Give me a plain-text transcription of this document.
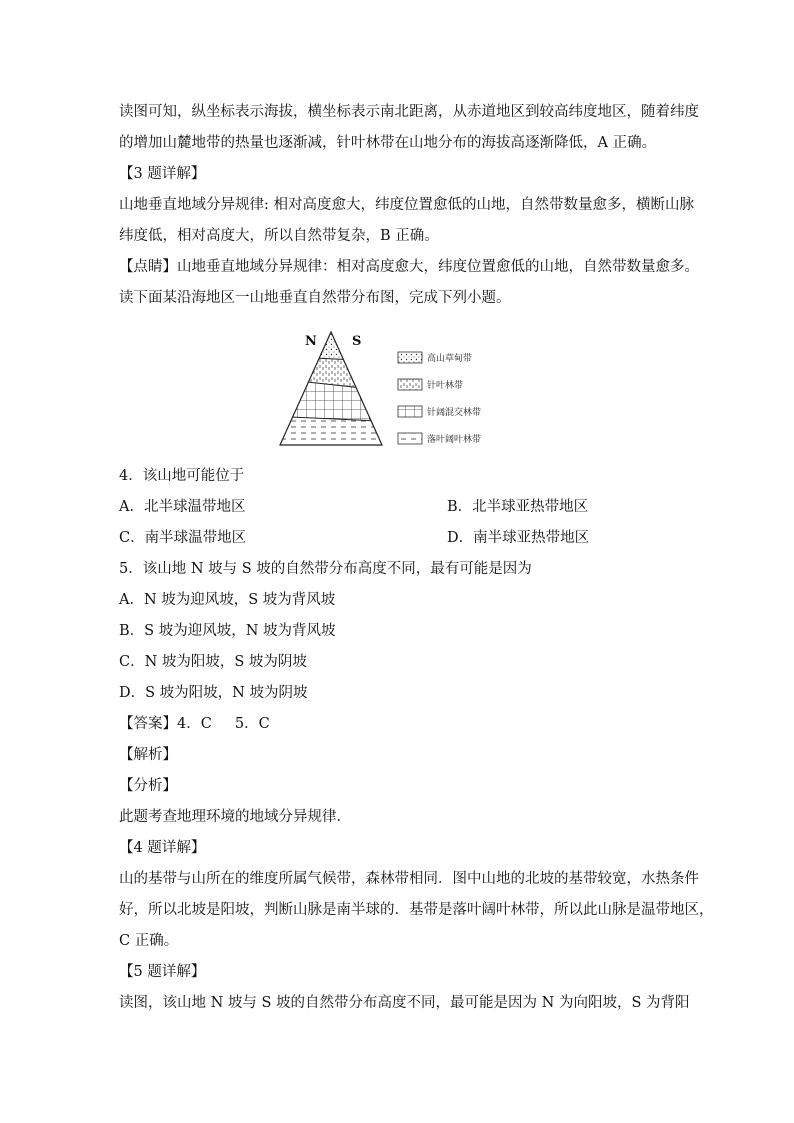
读图可知，纵坐标表示海拔，横坐标表示南北距离，从赤道地区到较高纬度地区，随着纬度
的增加山麓地带的热量也逐渐减，针叶林带在山地分布的海拔高逐渐降低，A 正确。
【3 题详解】
山地垂直地域分异规律: 相对高度愈大，纬度位置愈低的山地，自然带数量愈多，横断山脉
纬度低，相对高度大，所以自然带复杂，B 正确。
【点睛】山地垂直地域分异规律：相对高度愈大，纬度位置愈低的山地，自然带数量愈多。
读下面某沿海地区一山地垂直自然带分布图，完成下列小题。
N	S
高山草甸带
针叶林带
针阔混交林带
落叶阔叶林带
4．该山地可能位于
A．北半球温带地区	B．北半球亚热带地区
C．南半球温带地区	D．南半球亚热带地区
5．该山地 N 坡与 S 坡的自然带分布高度不同，最有可能是因为
A．N 坡为迎风坡，S 坡为背风坡
B．S 坡为迎风坡，N 坡为背风坡
C．N 坡为阳坡，S 坡为阴坡
D．S 坡为阳坡，N 坡为阴坡
【答案】4．C     5．C
【解析】
【分析】
此题考查地理环境的地域分异规律．
【4 题详解】
山的基带与山所在的维度所属气候带，森林带相同．图中山地的北坡的基带较宽，水热条件
好，所以北坡是阳坡，判断山脉是南半球的．基带是落叶阔叶林带，所以此山脉是温带地区，
C 正确。
【5 题详解】
读图，该山地 N 坡与 S 坡的自然带分布高度不同，最可能是因为 N 为向阳坡，S 为背阳
